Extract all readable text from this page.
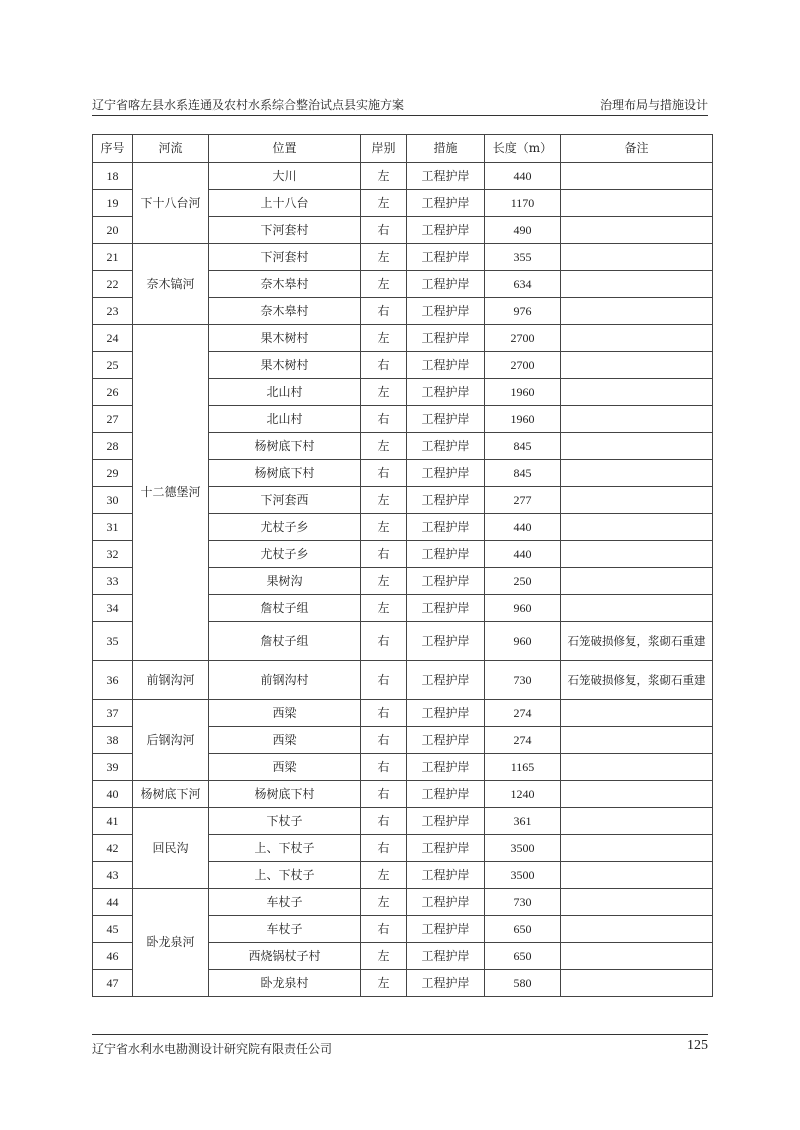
辽宁省喀左县水系连通及农村水系综合整治试点县实施方案	治理布局与措施设计
序号	河流	位置	岸别	措施	长度（m）	备注
18	下十八台河	大川	左	工程护岸	440	
19		上十八台	左	工程护岸	1170	
20		下河套村	右	工程护岸	490	
21	奈木镐河	下河套村	左	工程护岸	355	
22		奈木皋村	左	工程护岸	634	
23		奈木皋村	右	工程护岸	976	
24	十二德堡河	果木树村	左	工程护岸	2700	
25		果木树村	右	工程护岸	2700	
26		北山村	左	工程护岸	1960	
27		北山村	右	工程护岸	1960	
28		杨树底下村	左	工程护岸	845	
29		杨树底下村	右	工程护岸	845	
30		下河套西	左	工程护岸	277	
31		尤杖子乡	左	工程护岸	440	
32		尤杖子乡	右	工程护岸	440	
33		果树沟	左	工程护岸	250	
34		詹杖子组	左	工程护岸	960	
35		詹杖子组	右	工程护岸	960	石笼破损修复，浆砌石重建
36	前钢沟河	前钢沟村	右	工程护岸	730	石笼破损修复，浆砌石重建
37	后钢沟河	西梁	右	工程护岸	274	
38		西梁	右	工程护岸	274	
39		西梁	右	工程护岸	1165	
40	杨树底下河	杨树底下村	右	工程护岸	1240	
41	回民沟	下杖子	右	工程护岸	361	
42		上、下杖子	右	工程护岸	3500	
43		上、下杖子	左	工程护岸	3500	
44	卧龙泉河	车杖子	左	工程护岸	730	
45		车杖子	右	工程护岸	650	
46		西烧锅杖子村	左	工程护岸	650	
47		卧龙泉村	左	工程护岸	580	
辽宁省水利水电勘测设计研究院有限责任公司	125
